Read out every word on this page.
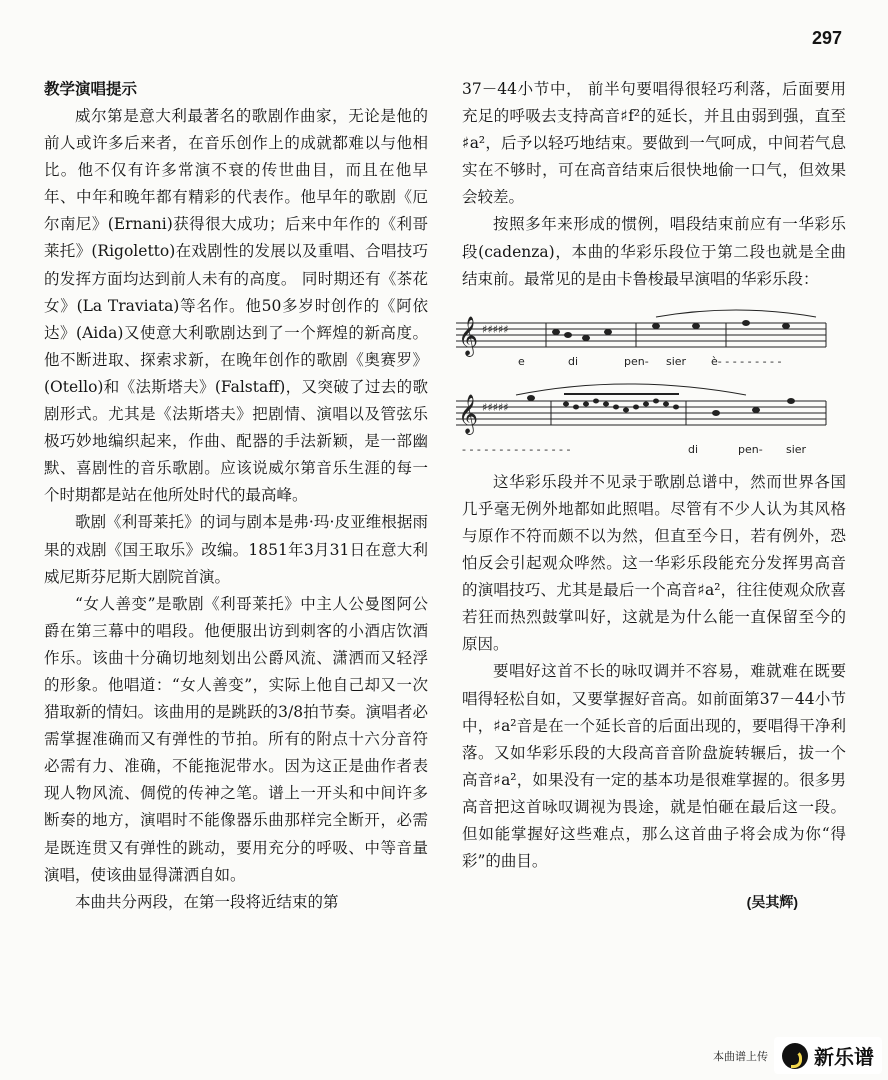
297
教学演唱提示

威尔第是意大利最著名的歌剧作曲家，无论是他的前人或许多后来者，在音乐创作上的成就都难以与他相比。他不仅有许多常演不衰的传世曲目，而且在他早年、中年和晚年都有精彩的代表作。他早年的歌剧《厄尔南尼》(Ernani)获得很大成功；后来中年作的《利哥莱托》(Rigoletto)在戏剧性的发展以及重唱、合唱技巧的发挥方面均达到前人未有的高度。 同时期还有《茶花女》(La Traviata)等名作。他50多岁时创作的《阿依达》(Aida)又使意大利歌剧达到了一个辉煌的新高度。他不断进取、探索求新，在晚年创作的歌剧《奥赛罗》(Otello)和《法斯塔夫》(Falstaff)，又突破了过去的歌剧形式。尤其是《法斯塔夫》把剧情、演唱以及管弦乐极巧妙地编织起来，作曲、配器的手法新颖，是一部幽默、喜剧性的音乐歌剧。应该说威尔第音乐生涯的每一个时期都是站在他所处时代的最高峰。

歌剧《利哥莱托》的词与剧本是弗·玛·皮亚维根据雨果的戏剧《国王取乐》改编。1851年3月31日在意大利威尼斯芬尼斯大剧院首演。

“女人善变”是歌剧《利哥莱托》中主人公曼图阿公爵在第三幕中的唱段。他便服出访到刺客的小酒店饮酒作乐。该曲十分确切地刻划出公爵风流、潇洒而又轻浮的形象。他唱道：“女人善变”，实际上他自己却又一次猎取新的情妇。该曲用的是跳跃的3/8拍节奏。演唱者必需掌握准确而又有弹性的节拍。所有的附点十六分音符必需有力、准确，不能拖泥带水。因为这正是曲作者表现人物风流、倜傥的传神之笔。谱上一开头和中间许多断奏的地方，演唱时不能像器乐曲那样完全断开，必需是既连贯又有弹性的跳动，要用充分的呼吸、中等音量演唱，使该曲显得潇洒自如。

本曲共分两段，在第一段将近结束的第

37－44小节中， 前半句要唱得很轻巧利落，后面要用充足的呼吸去支持高音♯f²的延长，并且由弱到强，直至♯a²，后予以轻巧地结束。要做到一气呵成，中间若气息实在不够时，可在高音结束后很快地偷一口气，但效果会较差。

按照多年来形成的惯例，唱段结束前应有一华彩乐段(cadenza)，本曲的华彩乐段位于第二段也就是全曲结束前。最常见的是由卡鲁梭最早演唱的华彩乐段：

𝄞 ♯♯♯♯♯
𝄞 ♯♯♯♯♯
e	di	pen- sier è- - - - - - - - -
- - - - - - - - - - - - - - -	di	pen- sier

这华彩乐段并不见录于歌剧总谱中，然而世界各国几乎毫无例外地都如此照唱。尽管有不少人认为其风格与原作不符而颇不以为然，但直至今日，若有例外，恐怕反会引起观众哗然。这一华彩乐段能充分发挥男高音的演唱技巧、尤其是最后一个高音♯a²，往往使观众欣喜若狂而热烈鼓掌叫好，这就是为什么能一直保留至今的原因。

要唱好这首不长的咏叹调并不容易，难就难在既要唱得轻松自如，又要掌握好音高。如前面第37－44小节中，♯a²音是在一个延长音的后面出现的，要唱得干净利落。又如华彩乐段的大段高音音阶盘旋转辗后，拔一个高音♯a²，如果没有一定的基本功是很难掌握的。很多男高音把这首咏叹调视为畏途，就是怕砸在最后这一段。但如能掌握好这些难点，那么这首曲子将会成为你“得彩”的曲目。

(吴其辉)
本曲谱上传 新乐谱
